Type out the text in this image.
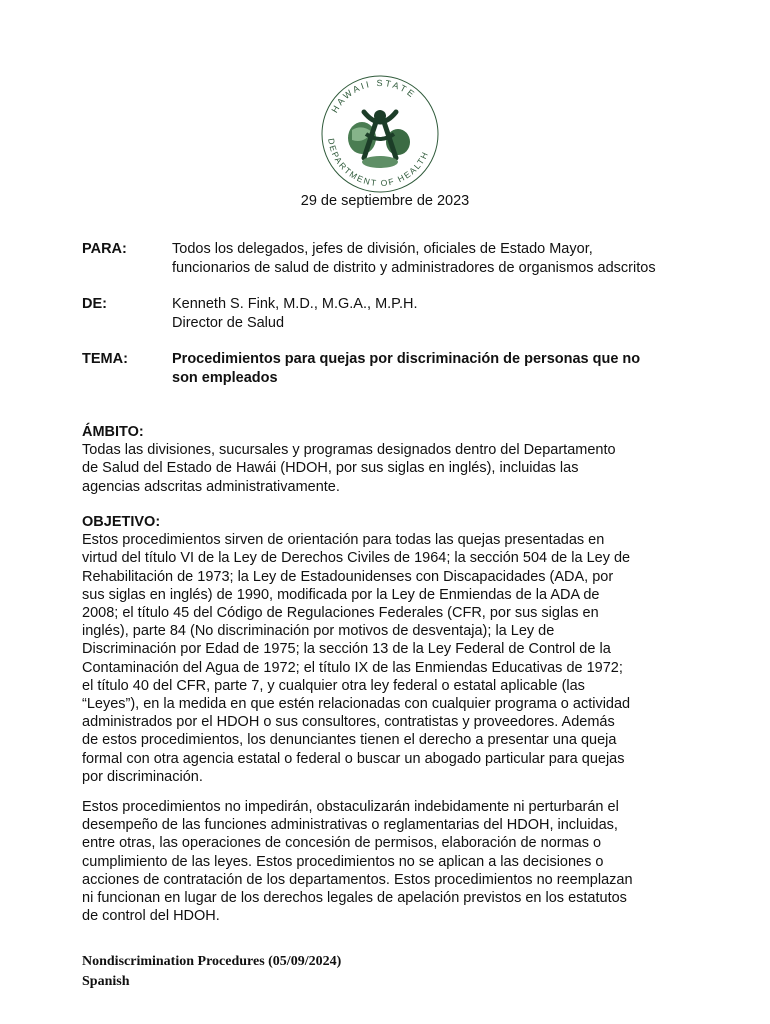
HAWAII STATE
DEPARTMENT OF HEALTH
29 de septiembre de 2023
PARA:	Todos los delegados, jefes de división, oficiales de Estado Mayor,
funcionarios de salud de distrito y administradores de organismos adscritos
DE:	Kenneth S. Fink, M.D., M.G.A., M.P.H.
Director de Salud
TEMA:	Procedimientos para quejas por discriminación de personas que no
son empleados
ÁMBITO:
Todas las divisiones, sucursales y programas designados dentro del Departamento
de Salud del Estado de Hawái (HDOH, por sus siglas en inglés), incluidas las
agencias adscritas administrativamente.
OBJETIVO:
Estos procedimientos sirven de orientación para todas las quejas presentadas en
virtud del título VI de la Ley de Derechos Civiles de 1964; la sección 504 de la Ley de
Rehabilitación de 1973; la Ley de Estadounidenses con Discapacidades (ADA, por
sus siglas en inglés) de 1990, modificada por la Ley de Enmiendas de la ADA de
2008; el título 45 del Código de Regulaciones Federales (CFR, por sus siglas en
inglés), parte 84 (No discriminación por motivos de desventaja); la Ley de
Discriminación por Edad de 1975; la sección 13 de la Ley Federal de Control de la
Contaminación del Agua de 1972; el título IX de las Enmiendas Educativas de 1972;
el título 40 del CFR, parte 7, y cualquier otra ley federal o estatal aplicable (las
“Leyes”), en la medida en que estén relacionadas con cualquier programa o actividad
administrados por el HDOH o sus consultores, contratistas y proveedores. Además
de estos procedimientos, los denunciantes tienen el derecho a presentar una queja
formal con otra agencia estatal o federal o buscar un abogado particular para quejas
por discriminación.
Estos procedimientos no impedirán, obstaculizarán indebidamente ni perturbarán el
desempeño de las funciones administrativas o reglamentarias del HDOH, incluidas,
entre otras, las operaciones de concesión de permisos, elaboración de normas o
cumplimiento de las leyes. Estos procedimientos no se aplican a las decisiones o
acciones de contratación de los departamentos. Estos procedimientos no reemplazan
ni funcionan en lugar de los derechos legales de apelación previstos en los estatutos
de control del HDOH.
Nondiscrimination Procedures (05/09/2024)
Spanish
